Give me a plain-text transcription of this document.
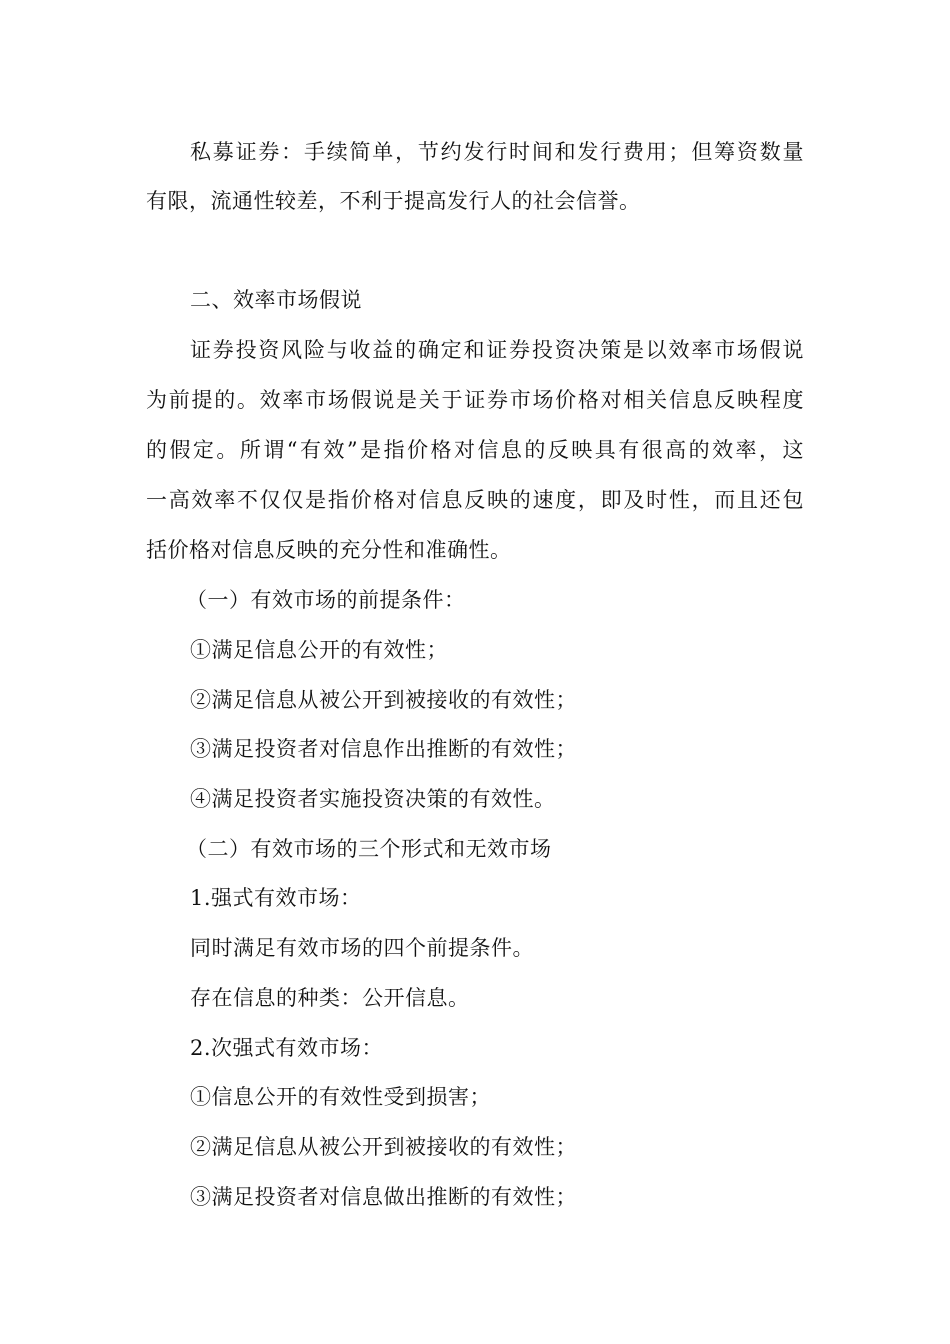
私募证券：手续简单，节约发行时间和发行费用；但筹资数量
有限，流通性较差，不利于提高发行人的社会信誉。
二、效率市场假说
证券投资风险与收益的确定和证券投资决策是以效率市场假说
为前提的。效率市场假说是关于证券市场价格对相关信息反映程度
的假定。所谓“有效”是指价格对信息的反映具有很高的效率，这
一高效率不仅仅是指价格对信息反映的速度，即及时性，而且还包
括价格对信息反映的充分性和准确性。
（一）有效市场的前提条件：
①满足信息公开的有效性；
②满足信息从被公开到被接收的有效性；
③满足投资者对信息作出推断的有效性；
④满足投资者实施投资决策的有效性。
（二）有效市场的三个形式和无效市场
1.强式有效市场：
同时满足有效市场的四个前提条件。
存在信息的种类：公开信息。
2.次强式有效市场：
①信息公开的有效性受到损害；
②满足信息从被公开到被接收的有效性；
③满足投资者对信息做出推断的有效性；
